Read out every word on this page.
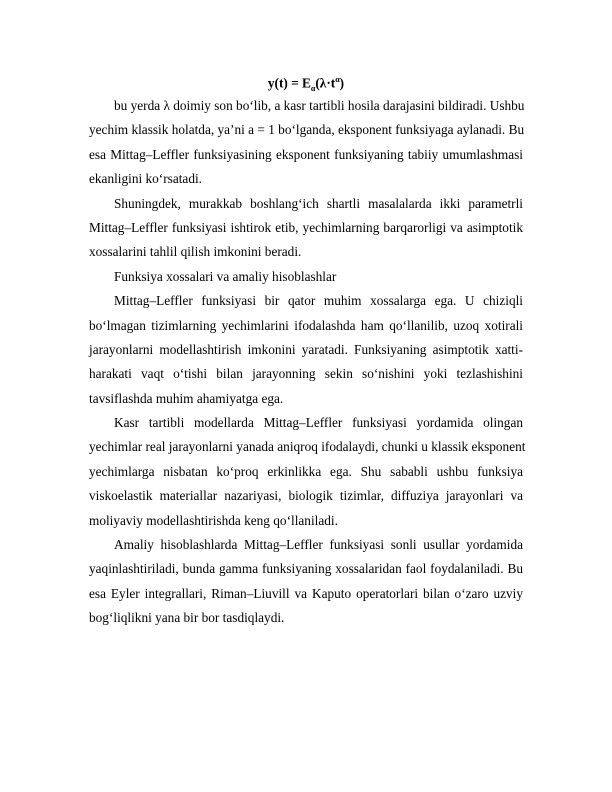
$y(t) = E_\alpha(\lambda\cdot t^\alpha)$
bu yerda λ doimiy son bo‘lib, a kasr tartibli hosila darajasini bildiradi. Ushbu
yechim klassik holatda, ya’ni a = 1 bo‘lganda, eksponent funksiyaga aylanadi. Bu
esa Mittag–Leffler funksiyasining eksponent funksiyaning tabiiy umumlashmasi
ekanligini ko‘rsatadi.
Shuningdek, murakkab boshlang‘ich shartli masalalarda ikki parametrli
Mittag–Leffler funksiyasi ishtirok etib, yechimlarning barqarorligi va asimptotik
xossalarini tahlil qilish imkonini beradi.
Funksiya xossalari va amaliy hisoblashlar
Mittag–Leffler funksiyasi bir qator muhim xossalarga ega. U chiziqli
bo‘lmagan tizimlarning yechimlarini ifodalashda ham qo‘llanilib, uzoq xotirali
jarayonlarni modellashtirish imkonini yaratadi. Funksiyaning asimptotik xatti-
harakati vaqt o‘tishi bilan jarayonning sekin so‘nishini yoki tezlashishini
tavsiflashda muhim ahamiyatga ega.
Kasr tartibli modellarda Mittag–Leffler funksiyasi yordamida olingan
yechimlar real jarayonlarni yanada aniqroq ifodalaydi, chunki u klassik eksponent
yechimlarga nisbatan ko‘proq erkinlikka ega. Shu sababli ushbu funksiya
viskoelastik materiallar nazariyasi, biologik tizimlar, diffuziya jarayonlari va
moliyaviy modellashtirishda keng qo‘llaniladi.
Amaliy hisoblashlarda Mittag–Leffler funksiyasi sonli usullar yordamida
yaqinlashtiriladi, bunda gamma funksiyaning xossalaridan faol foydalaniladi. Bu
esa Eyler integrallari, Riman–Liuvill va Kaputo operatorlari bilan o‘zaro uzviy
bog‘liqlikni yana bir bor tasdiqlaydi.
